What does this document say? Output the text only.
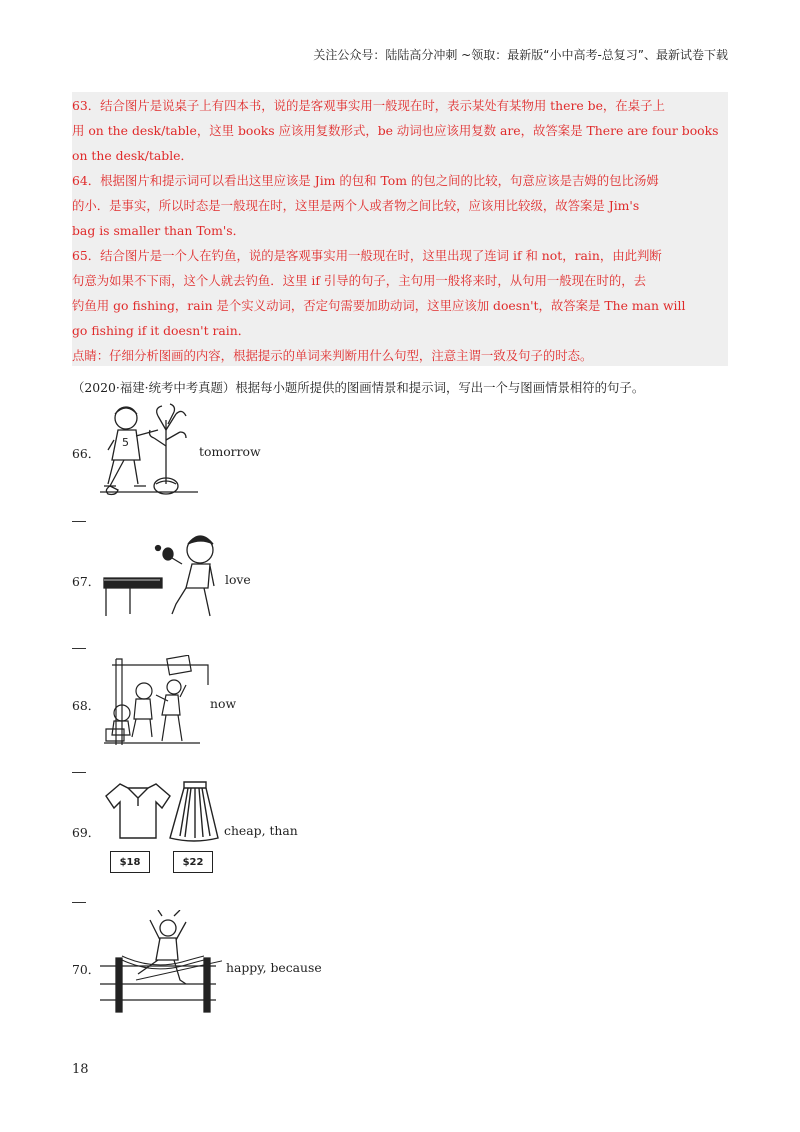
关注公众号：陆陆高分冲刺 ~领取：最新版“小中高考-总复习”、最新试卷下载
63．结合图片是说桌子上有四本书，说的是客观事实用一般现在时，表示某处有某物用 there be，在桌子上
用 on the desk/table，这里 books 应该用复数形式，be 动词也应该用复数 are，故答案是 There are four books
on the desk/table．
64．根据图片和提示词可以看出这里应该是 Jim 的包和 Tom 的包之间的比较，句意应该是吉姆的包比汤姆
的小．是事实，所以时态是一般现在时，这里是两个人或者物之间比较，应该用比较级，故答案是 Jim's
bag is smaller than Tom's．
65．结合图片是一个人在钓鱼，说的是客观事实用一般现在时，这里出现了连词 if 和 not，rain，由此判断
句意为如果不下雨，这个人就去钓鱼．这里 if 引导的句子，主句用一般将来时，从句用一般现在时的，去
钓鱼用 go fishing，rain 是个实义动词，否定句需要加助动词，这里应该加 doesn't，故答案是 The man will
go fishing if it doesn't rain．
点睛：仔细分析图画的内容，根据提示的单词来判断用什么句型，注意主谓一致及句子的时态。
（2020·福建·统考中考真题）根据每小题所提供的图画情景和提示词，写出一个与图画情景相符的句子。
66．
5
tomorrow
67．	love
68．	now
69．
$18	$22
cheap, than
70．	happy, because
18
